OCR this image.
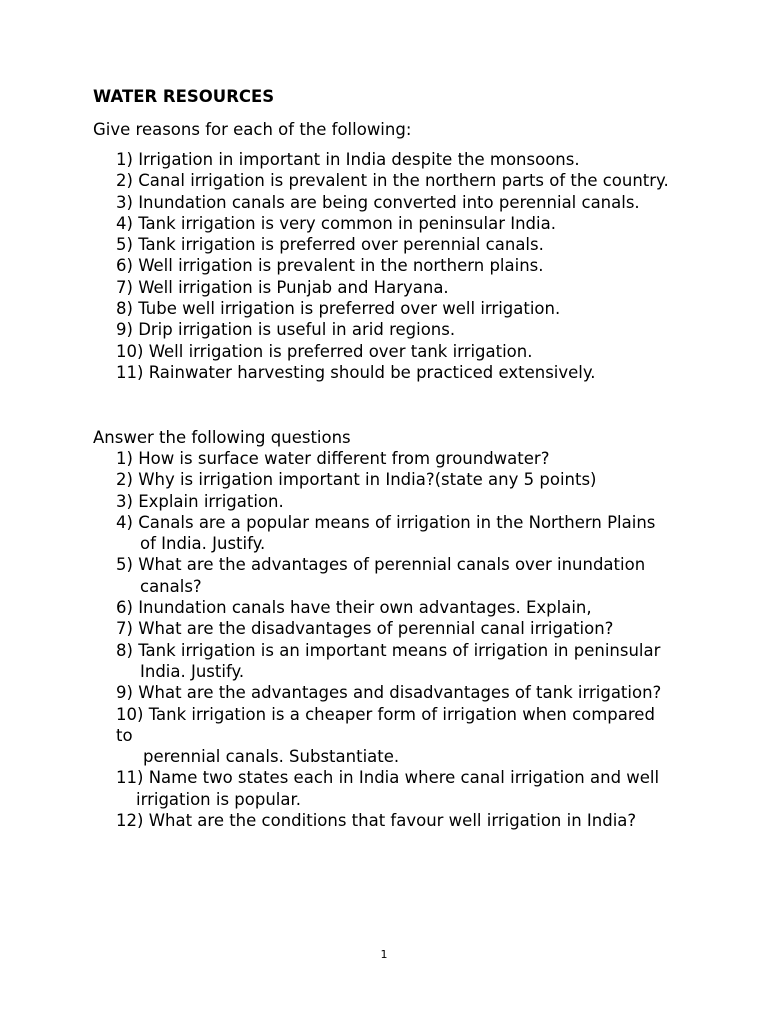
WATER RESOURCES

Give reasons for each of the following:

1) Irrigation in important in India despite the monsoons.
2) Canal irrigation is prevalent in the northern parts of the country.
3) Inundation canals are being converted into perennial canals.
4) Tank irrigation is very common in peninsular India.
5) Tank irrigation is preferred over perennial canals.
6) Well irrigation is prevalent in the northern plains.
7) Well irrigation is Punjab and Haryana.
8) Tube well irrigation is preferred over well irrigation.
9) Drip irrigation is useful in arid regions.
10) Well irrigation is preferred over tank irrigation.
11) Rainwater harvesting should be practiced extensively.

Answer the following questions

1) How is surface water different from groundwater?
2) Why is irrigation important in India?(state any 5 points)
3) Explain irrigation.
4) Canals are a popular means of irrigation in the Northern Plains of India. Justify.
5) What are the advantages of perennial canals over inundation canals?
6) Inundation canals have their own advantages. Explain,
7) What are the disadvantages of perennial canal irrigation?
8) Tank irrigation is an important means of irrigation in peninsular India. Justify.
9) What are the advantages and disadvantages of tank irrigation?
10) Tank irrigation is a cheaper form of irrigation when compared to
perennial canals. Substantiate.
11) Name two states each in India where canal irrigation and well
irrigation is popular.
12) What are the conditions that favour well irrigation in India?
1
